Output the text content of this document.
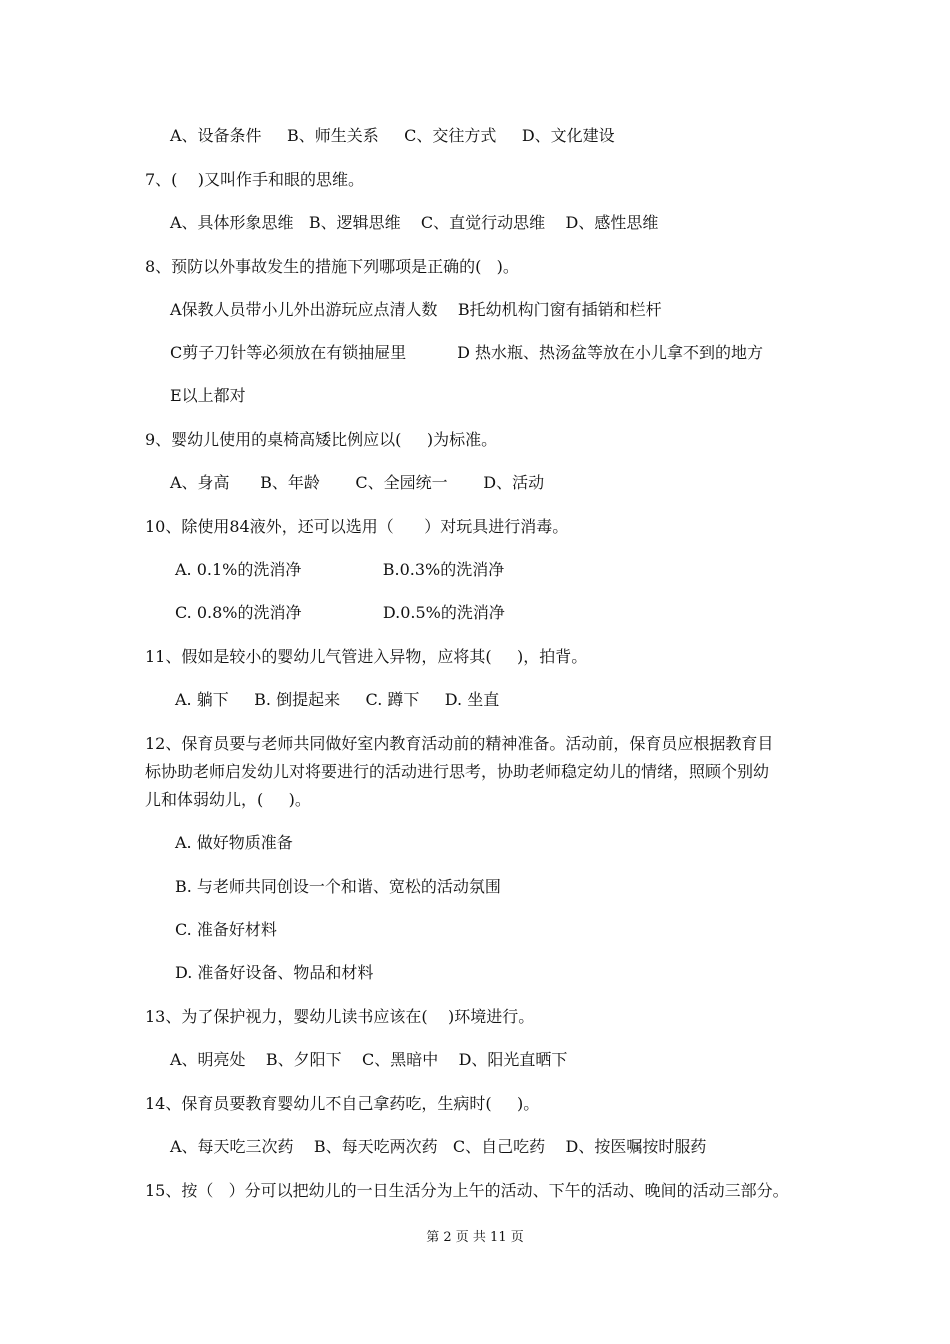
A、设备条件     B、师生关系     C、交往方式     D、文化建设
7、(    )又叫作手和眼的思维。
A、具体形象思维   B、逻辑思维    C、直觉行动思维    D、感性思维
8、预防以外事故发生的措施下列哪项是正确的(   )。
A保教人员带小儿外出游玩应点清人数    B托幼机构门窗有插销和栏杆
C剪子刀针等必须放在有锁抽屉里          D 热水瓶、热汤盆等放在小儿拿不到的地方
E以上都对
9、婴幼儿使用的桌椅高矮比例应以(     )为标准。
A、身高      B、年龄       C、全园统一       D、活动
10、除使用84液外，还可以选用（      ）对玩具进行消毒。
A. 0.1%的洗消净                B.0.3%的洗消净
C. 0.8%的洗消净                D.0.5%的洗消净
11、假如是较小的婴幼儿气管进入异物，应将其(     )，拍背。
A. 躺下     B. 倒提起来     C. 蹲下     D. 坐直
12、保育员要与老师共同做好室内教育活动前的精神准备。活动前，保育员应根据教育目
标协助老师启发幼儿对将要进行的活动进行思考，协助老师稳定幼儿的情绪，照顾个别幼
儿和体弱幼儿，(     )。
A. 做好物质准备
B. 与老师共同创设一个和谐、宽松的活动氛围
C. 准备好材料
D. 准备好设备、物品和材料
13、为了保护视力，婴幼儿读书应该在(    )环境进行。
A、明亮处    B、夕阳下    C、黑暗中    D、阳光直晒下
14、保育员要教育婴幼儿不自己拿药吃，生病时(     )。
A、每天吃三次药    B、每天吃两次药   C、自己吃药    D、按医嘱按时服药
15、按（   ）分可以把幼儿的一日生活分为上午的活动、下午的活动、晚间的活动三部分。
第 2 页 共 11 页
